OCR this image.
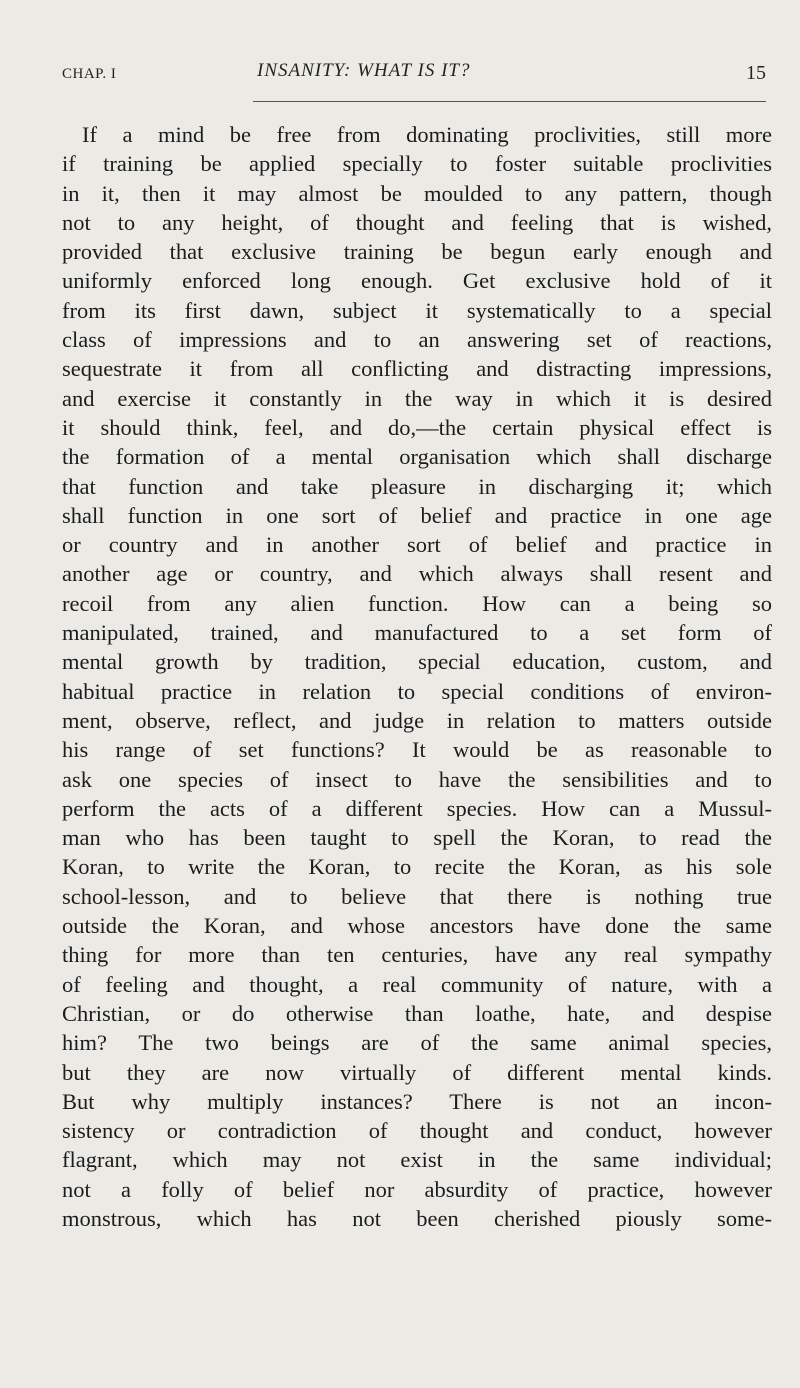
CHAP. I	INSANITY: WHAT IS IT?	15
If a mind be free from dominating proclivities, still more
if training be applied specially to foster suitable proclivities
in it, then it may almost be moulded to any pattern, though
not to any height, of thought and feeling that is wished,
provided that exclusive training be begun early enough and
uniformly enforced long enough. Get exclusive hold of it
from its first dawn, subject it systematically to a special
class of impressions and to an answering set of reactions,
sequestrate it from all conflicting and distracting impressions,
and exercise it constantly in the way in which it is desired
it should think, feel, and do,—the certain physical effect is
the formation of a mental organisation which shall discharge
that function and take pleasure in discharging it; which
shall function in one sort of belief and practice in one age
or country and in another sort of belief and practice in
another age or country, and which always shall resent and
recoil from any alien function. How can a being so
manipulated, trained, and manufactured to a set form of
mental growth by tradition, special education, custom, and
habitual practice in relation to special conditions of environ-
ment, observe, reflect, and judge in relation to matters outside
his range of set functions? It would be as reasonable to
ask one species of insect to have the sensibilities and to
perform the acts of a different species. How can a Mussul-
man who has been taught to spell the Koran, to read the
Koran, to write the Koran, to recite the Koran, as his sole
school-lesson, and to believe that there is nothing true
outside the Koran, and whose ancestors have done the same
thing for more than ten centuries, have any real sympathy
of feeling and thought, a real community of nature, with a
Christian, or do otherwise than loathe, hate, and despise
him? The two beings are of the same animal species,
but they are now virtually of different mental kinds.
But why multiply instances? There is not an incon-
sistency or contradiction of thought and conduct, however
flagrant, which may not exist in the same individual;
not a folly of belief nor absurdity of practice, however
monstrous, which has not been cherished piously some-
